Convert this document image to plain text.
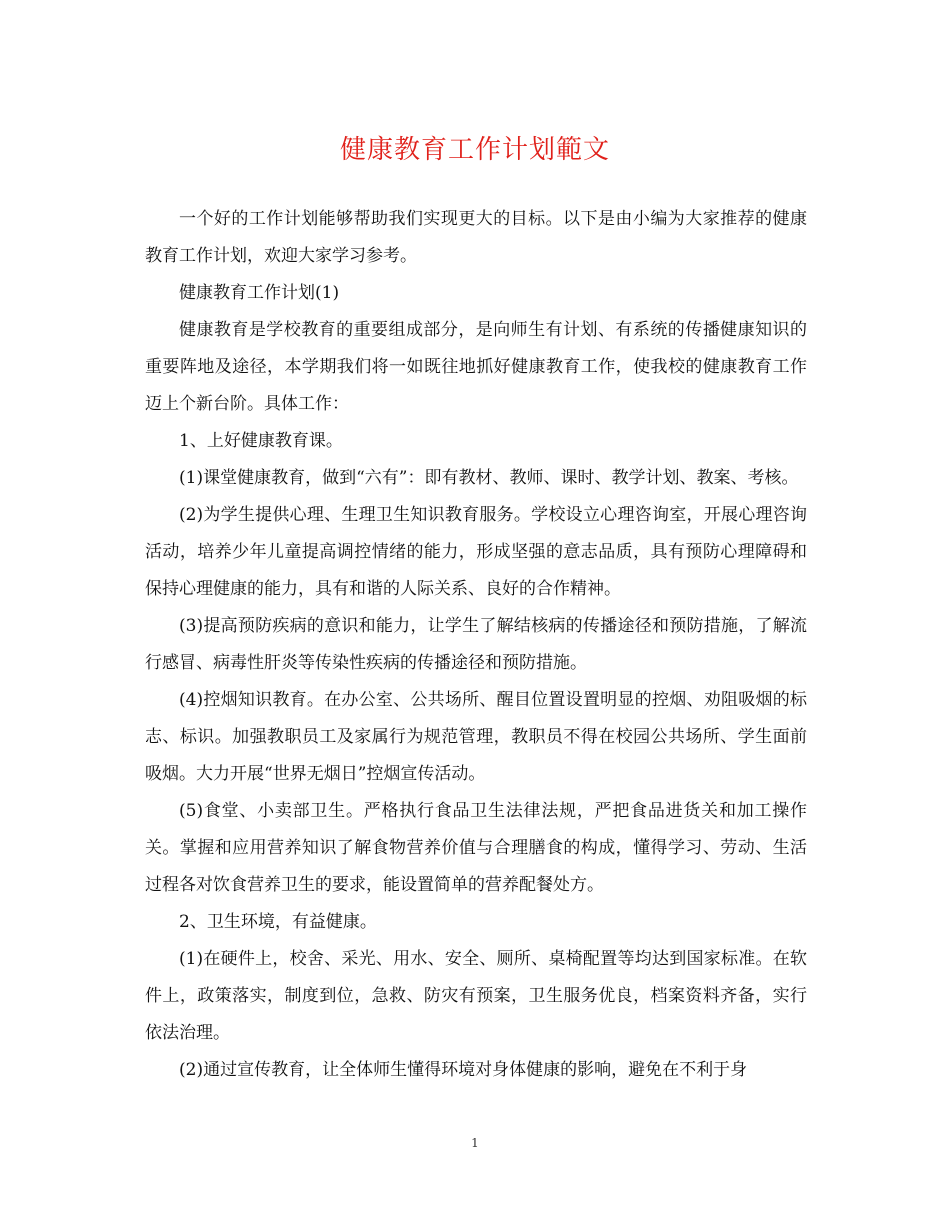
健康教育工作计划範文

一个好的工作计划能够帮助我们实现更大的目标。以下是由小编为大家推荐的健康教育工作计划，欢迎大家学习参考。

健康教育工作计划(1)

健康教育是学校教育的重要组成部分，是向师生有计划、有系统的传播健康知识的重要阵地及途径，本学期我们将一如既往地抓好健康教育工作，使我校的健康教育工作迈上个新台阶。具体工作：

1、上好健康教育课。

(1)课堂健康教育，做到“六有”：即有教材、教师、课时、教学计划、教案、考核。

(2)为学生提供心理、生理卫生知识教育服务。学校设立心理咨询室，开展心理咨询活动，培养少年儿童提高调控情绪的能力，形成坚强的意志品质，具有预防心理障碍和保持心理健康的能力，具有和谐的人际关系、良好的合作精神。

(3)提高预防疾病的意识和能力，让学生了解结核病的传播途径和预防措施，了解流行感冒、病毒性肝炎等传染性疾病的传播途径和预防措施。

(4)控烟知识教育。在办公室、公共场所、醒目位置设置明显的控烟、劝阻吸烟的标志、标识。加强教职员工及家属行为规范管理，教职员不得在校园公共场所、学生面前吸烟。大力开展“世界无烟日”控烟宣传活动。

(5)食堂、小卖部卫生。严格执行食品卫生法律法规，严把食品进货关和加工操作关。掌握和应用营养知识了解食物营养价值与合理膳食的构成，懂得学习、劳动、生活过程各对饮食营养卫生的要求，能设置简单的营养配餐处方。

2、卫生环境，有益健康。

(1)在硬件上，校舍、采光、用水、安全、厕所、桌椅配置等均达到国家标准。在软件上，政策落实，制度到位，急救、防灾有预案，卫生服务优良，档案资料齐备，实行依法治理。

(2)通过宣传教育，让全体师生懂得环境对身体健康的影响，避免在不利于身

1
